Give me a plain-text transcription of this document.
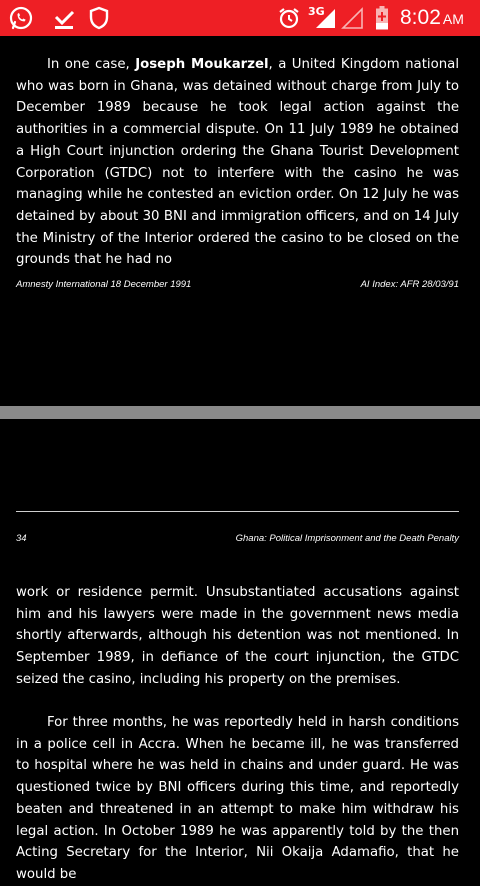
3G	8:02 AM

In one case, Joseph Moukarzel, a United Kingdom national who was born in Ghana, was detained without charge from July to December 1989 because he took legal action against the authorities in a commercial dispute. On 11 July 1989 he obtained a High Court injunction ordering the Ghana Tourist Development Corporation (GTDC) not to interfere with the casino he was managing while he contested an eviction order. On 12 July he was detained by about 30 BNI and immigration officers, and on 14 July the Ministry of the Interior ordered the casino to be closed on the grounds that he had no

Amnesty International 18 December 1991	AI Index: AFR 28/03/91
34	Ghana: Political Imprisonment and the Death Penalty

work or residence permit. Unsubstantiated accusations against him and his lawyers were made in the government news media shortly afterwards, although his detention was not mentioned. In September 1989, in defiance of the court injunction, the GTDC seized the casino, including his property on the premises.

For three months, he was reportedly held in harsh conditions in a police cell in Accra. When he became ill, he was transferred to hospital where he was held in chains and under guard. He was questioned twice by BNI officers during this time, and reportedly beaten and threatened in an attempt to make him withdraw his legal action. In October 1989 he was apparently told by the then Acting Secretary for the Interior, Nii Okaija Adamafio, that he would be
